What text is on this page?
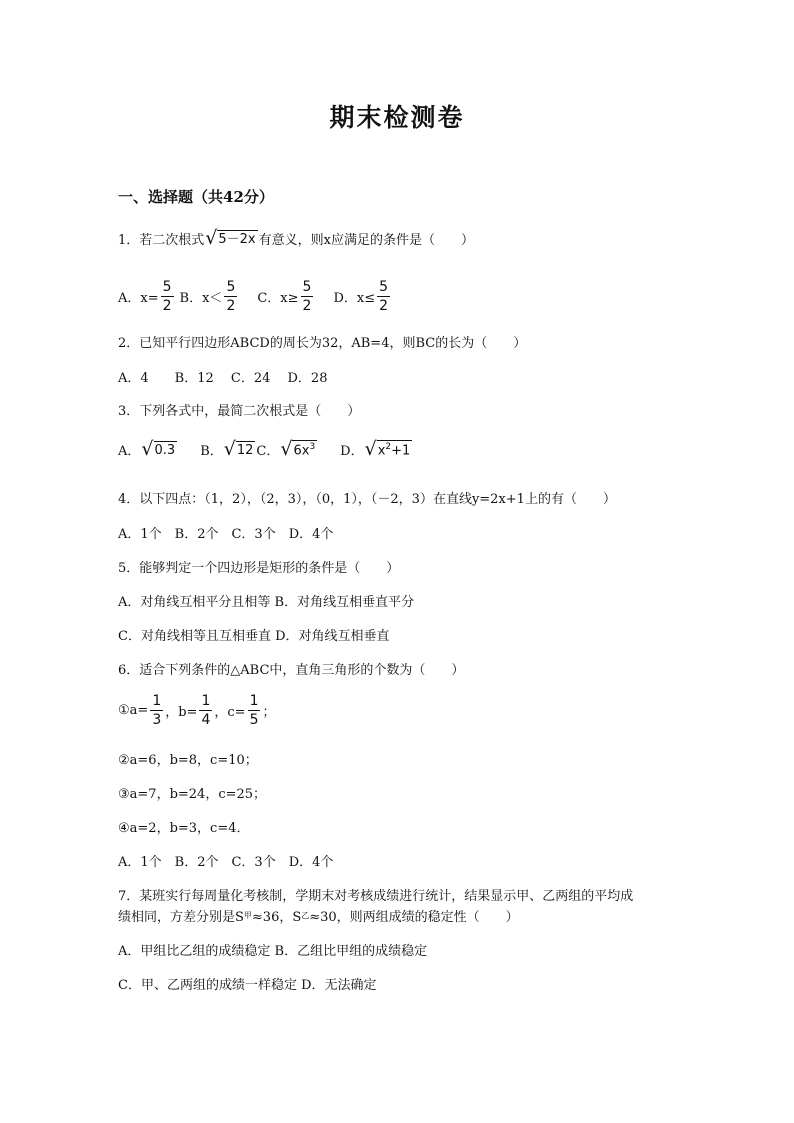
期末检测卷
一、选择题（共42分）
1．若二次根式 √ 5－2x 有意义，则x应满足的条件是（　　）
A．$x= \frac{5}{2}$ B．$x< \frac{5}{2}$ C．$x\ge \frac{5}{2}$ D．$x\le \frac{5}{2}$
2．已知平行四边形ABCD的周长为32，AB=4，则BC的长为（　　）
A．4　　B．12　 C．24　 D．28
3．下列各式中，最简二次根式是（　　）
A． √ 0.3 B． √ 12 C． √ $6x^3$ D． √ $x^2+1$
4．以下四点：（1，2），（2，3），（0，1），（－2，3）在直线y=2x+1上的有（　　）
A．1个　B．2个　C．3个　D．4个
5．能够判定一个四边形是矩形的条件是（　　）
A．对角线互相平分且相等 B．对角线互相垂直平分
C．对角线相等且互相垂直 D．对角线互相垂直
6．适合下列条件的△ABC中，直角三角形的个数为（　　）
①a= $\frac{1}{3}$ ，$b= \frac{1}{4}$ ，$c= \frac{1}{5}$ ；
②a=6，b=8，c=10；
③a=7，b=24，c=25；
④a=2，b=3，c=4．
A．1个　B．2个　C．3个　D．4个
7．某班实行每周量化考核制，学期末对考核成绩进行统计，结果显示甲、乙两组的平均成
绩相同，方差分别是S 甲 ≈36，S 乙 ≈30，则两组成绩的稳定性（　　）
A．甲组比乙组的成绩稳定 B．乙组比甲组的成绩稳定
C．甲、乙两组的成绩一样稳定 D．无法确定
